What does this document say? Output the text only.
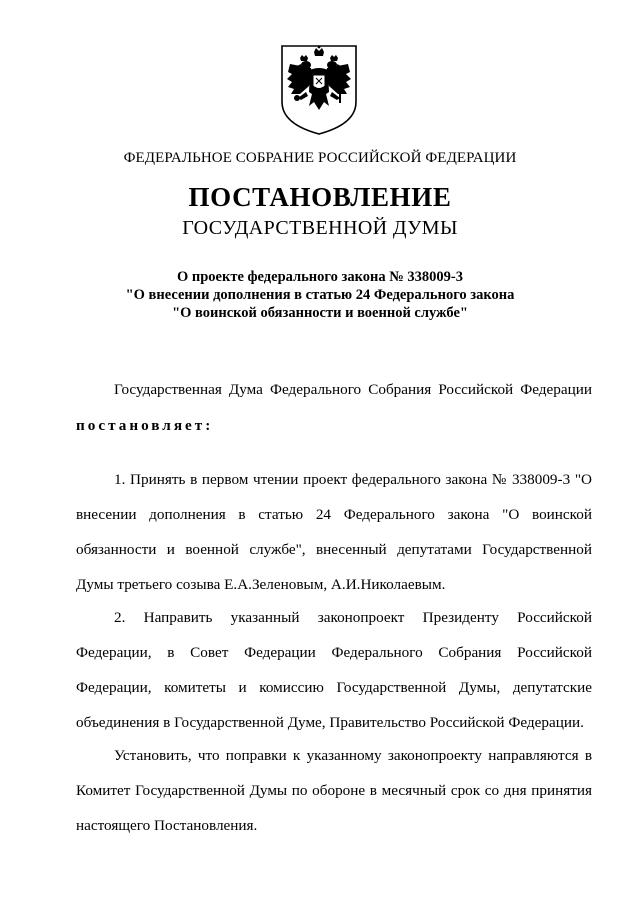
ФЕДЕРАЛЬНОЕ СОБРАНИЕ РОССИЙСКОЙ ФЕДЕРАЦИИ
ПОСТАНОВЛЕНИЕ
ГОСУДАРСТВЕННОЙ ДУМЫ
О проекте федерального закона № 338009-3
"О внесении дополнения в статью 24 Федерального закона
"О воинской обязанности и военной службе"
Государственная Дума Федерального Собрания Российской Федерации постановляет:
1. Принять в первом чтении проект федерального закона № 338009-3 "О внесении дополнения в статью 24 Федерального закона "О воинской обязанности и военной службе", внесенный депутатами Государственной Думы третьего созыва Е.А.Зеленовым, А.И.Николаевым.
2. Направить указанный законопроект Президенту Российской Федерации, в Совет Федерации Федерального Собрания Российской Федерации, комитеты и комиссию Государственной Думы, депутатские объединения в Государственной Думе, Правительство Российской Федерации.
Установить, что поправки к указанному законопроекту направляются в Комитет Государственной Думы по обороне в месячный срок со дня принятия настоящего Постановления.
